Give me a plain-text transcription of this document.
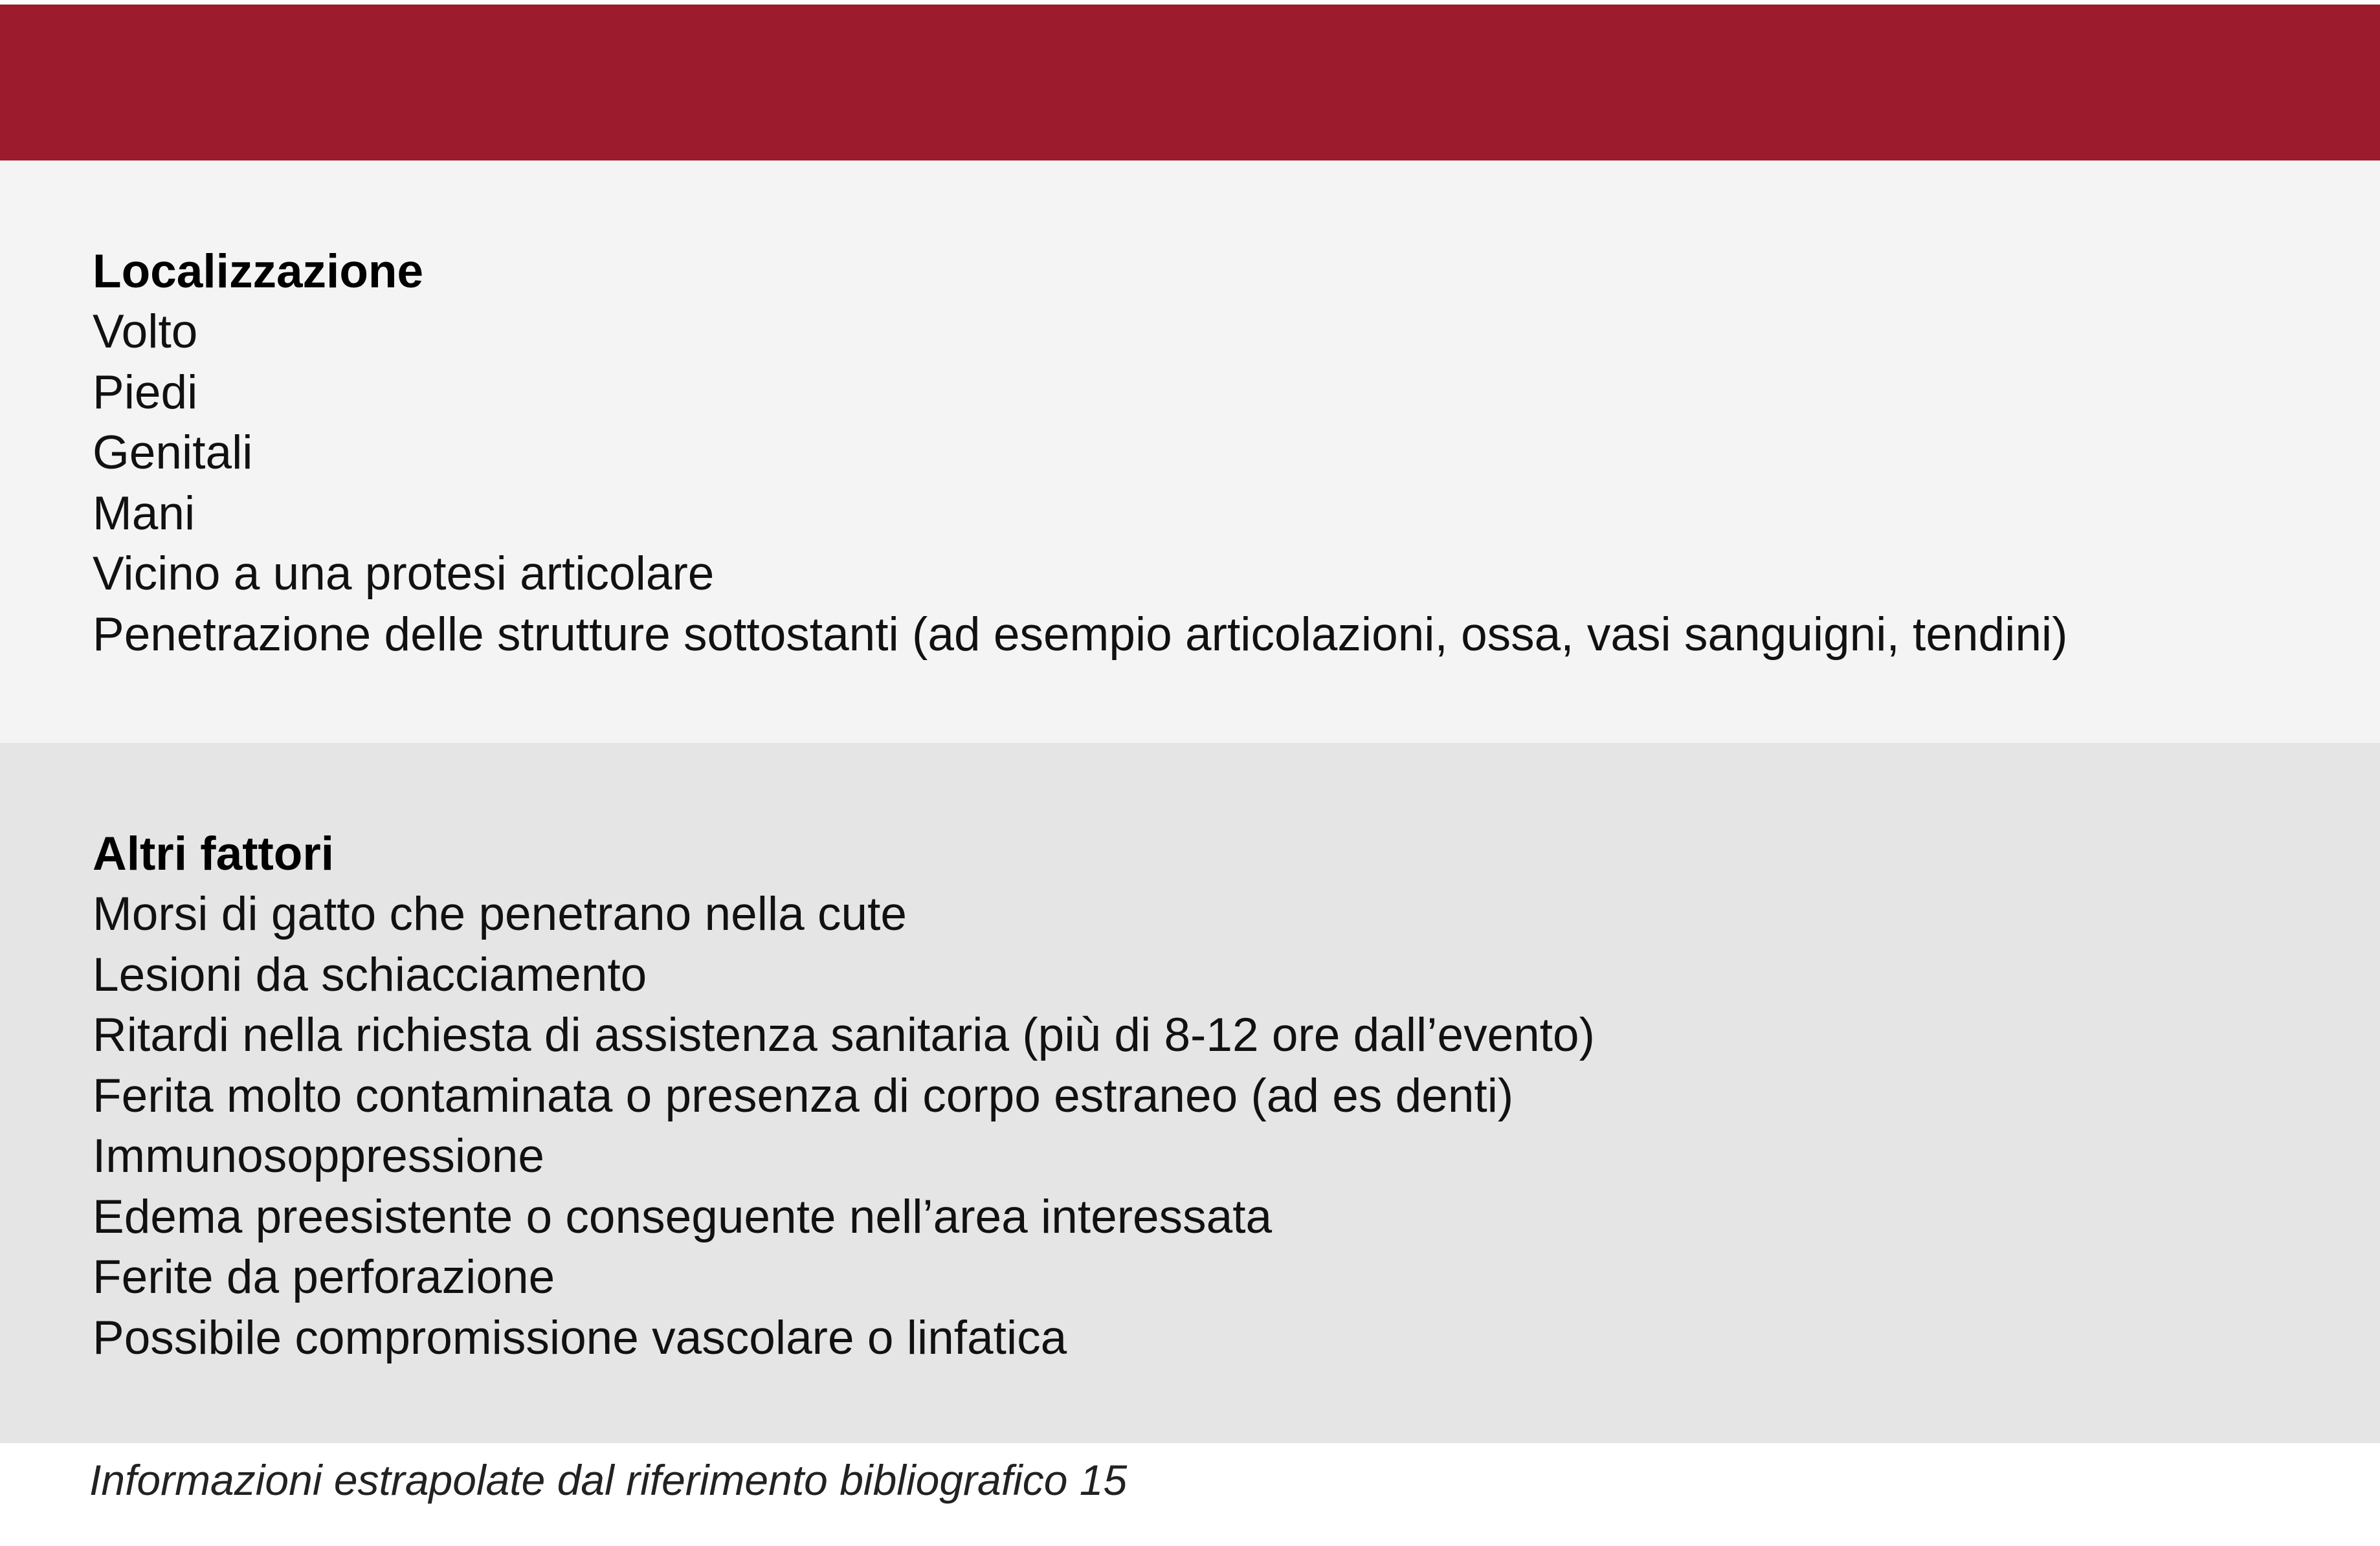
Localizzazione

Volto
Piedi
Genitali
Mani
Vicino a una protesi articolare
Penetrazione delle strutture sottostanti (ad esempio articolazioni, ossa, vasi sanguigni, tendini)

Altri fattori

Morsi di gatto che penetrano nella cute
Lesioni da schiacciamento
Ritardi nella richiesta di assistenza sanitaria (più di 8-12 ore dall’evento)
Ferita molto contaminata o presenza di corpo estraneo (ad es denti)
Immunosoppressione
Edema preesistente o conseguente nell’area interessata
Ferite da perforazione
Possibile compromissione vascolare o linfatica
Informazioni estrapolate dal riferimento bibliografico 15
